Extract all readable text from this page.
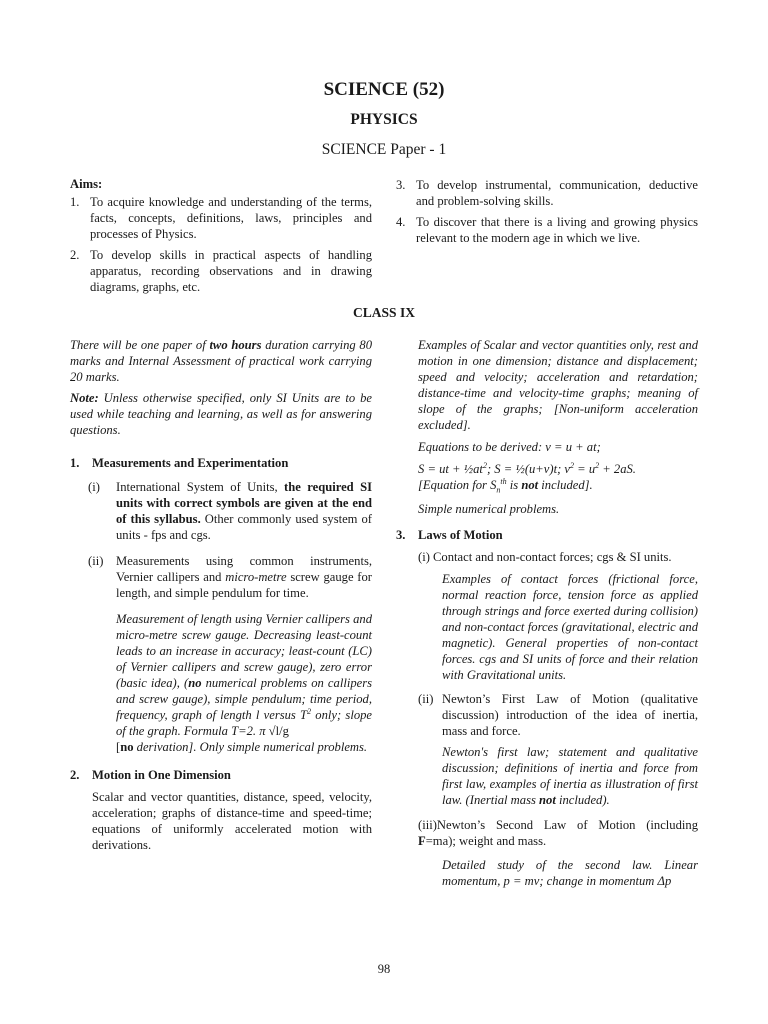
SCIENCE (52)
PHYSICS
SCIENCE Paper - 1

Aims:

1. To acquire knowledge and understanding of the terms, facts, concepts, definitions, laws, principles and processes of Physics.
2. To develop skills in practical aspects of handling apparatus, recording observations and in drawing diagrams, graphs, etc.
3. To develop instrumental, communication, deductive and problem-solving skills.
4. To discover that there is a living and growing physics relevant to the modern age in which we live.
CLASS IX

There will be one paper of two hours duration carrying 80 marks and Internal Assessment of practical work carrying 20 marks.

Note: Unless otherwise specified, only SI Units are to be used while teaching and learning, as well as for answering questions.

1. Measurements and Experimentation
(i)	International System of Units, the required SI units with correct symbols are given at the end of this syllabus. Other commonly used system of units - fps and cgs.
(ii)	Measurements using common instruments, Vernier callipers and micro-metre screw gauge for length, and simple pendulum for time.
Measurement of length using Vernier callipers and micro-metre screw gauge. Decreasing least-count leads to an increase in accuracy; least-count (LC) of Vernier callipers and screw gauge), zero error (basic idea), (no numerical problems on callipers and screw gauge), simple pendulum; time period, frequency, graph of length l versus $T^2$ only; slope of the graph. Formula T=2. π √l/g
[no derivation]. Only simple numerical problems.
2. Motion in One Dimension
Scalar and vector quantities, distance, speed, velocity, acceleration; graphs of distance-time and speed-time; equations of uniformly accelerated motion with derivations.
Examples of Scalar and vector quantities only, rest and motion in one dimension; distance and displacement; speed and velocity; acceleration and retardation; distance-time and velocity-time graphs; meaning of slope of the graphs; [Non-uniform acceleration excluded].
Equations to be derived: v = u + at;
S = ut + $\frac{1}{2}at^2$; S = ½(u+v)t; $v^2 = u^2 + 2aS$.
[Equation for $S_n^{th}$ is not included].
Simple numerical problems.
3. Laws of Motion
(i) Contact and non-contact forces; cgs & SI units.
Examples of contact forces (frictional force, normal reaction force, tension force as applied through strings and force exerted during collision) and non-contact forces (gravitational, electric and magnetic). General properties of non-contact forces. cgs and SI units of force and their relation with Gravitational units.
(ii) Newton’s First Law of Motion (qualitative discussion) introduction of the idea of inertia, mass and force.
Newton's first law; statement and qualitative discussion; definitions of inertia and force from first law, examples of inertia as illustration of first law. (Inertial mass not included).
(iii)Newton’s Second Law of Motion (including F=ma); weight and mass.
Detailed study of the second law. Linear momentum, p = mv; change in momentum Δp
98
